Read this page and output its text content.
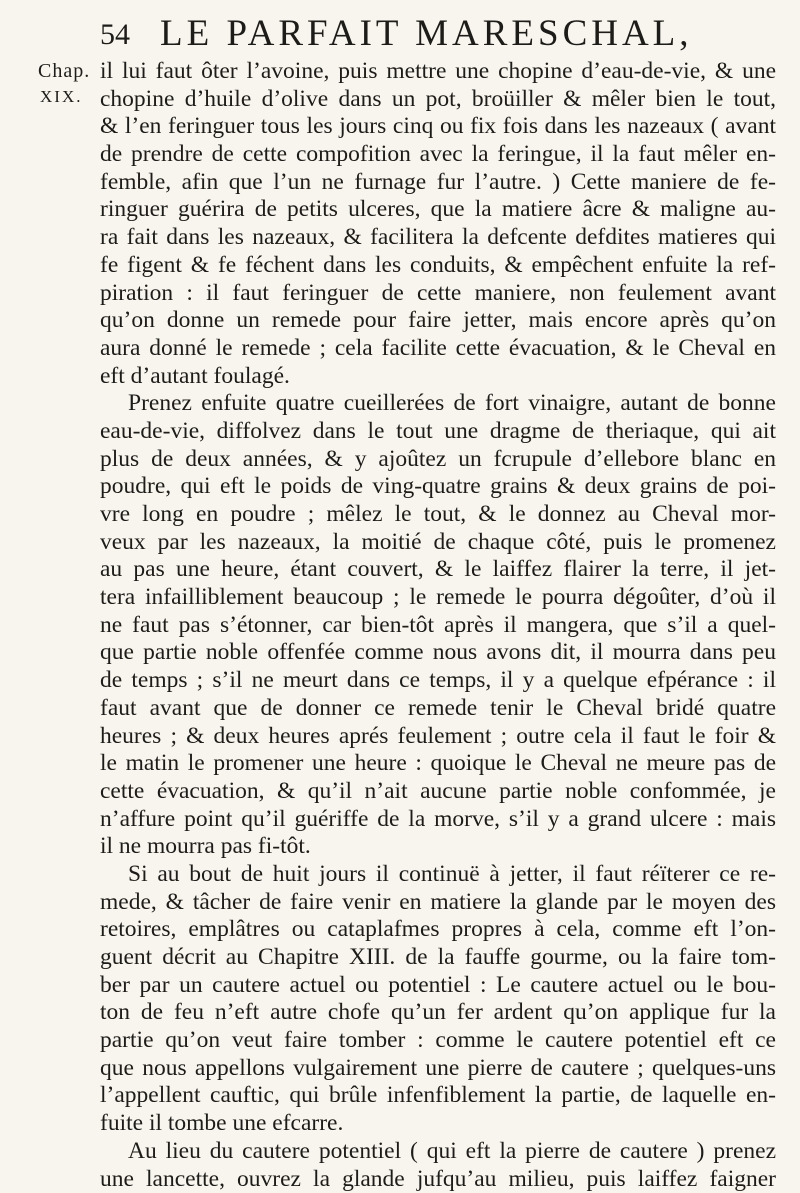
54 LE PARFAIT MARESCHAL,
Chap.
XIX.
il lui faut ôter l’avoine, puis mettre une chopine d’eau-de-vie, & une
chopine d’huile d’olive dans un pot, broüiller & mêler bien le tout,
& l’en feringuer tous les jours cinq ou fix fois dans les nazeaux ( avant
de prendre de cette compofition avec la feringue, il la faut mêler en-
femble, afin que l’un ne furnage fur l’autre. ) Cette maniere de fe-
ringuer guérira de petits ulceres, que la matiere âcre & maligne au-
ra fait dans les nazeaux, & facilitera la defcente defdites matieres qui
fe figent & fe féchent dans les conduits, & empêchent enfuite la ref-
piration : il faut feringuer de cette maniere, non feulement avant
qu’on donne un remede pour faire jetter, mais encore après qu’on
aura donné le remede ; cela facilite cette évacuation, & le Cheval en
eft d’autant foulagé.
Prenez enfuite quatre cueillerées de fort vinaigre, autant de bonne
eau-de-vie, diffolvez dans le tout une dragme de theriaque, qui ait
plus de deux années, & y ajoûtez un fcrupule d’ellebore blanc en
poudre, qui eft le poids de ving-quatre grains & deux grains de poi-
vre long en poudre ; mêlez le tout, & le donnez au Cheval mor-
veux par les nazeaux, la moitié de chaque côté, puis le promenez
au pas une heure, étant couvert, & le laiffez flairer la terre, il jet-
tera infailliblement beaucoup ; le remede le pourra dégoûter, d’où il
ne faut pas s’étonner, car bien-tôt après il mangera, que s’il a quel-
que partie noble offenfée comme nous avons dit, il mourra dans peu
de temps ; s’il ne meurt dans ce temps, il y a quelque efpérance : il
faut avant que de donner ce remede tenir le Cheval bridé quatre
heures ; & deux heures aprés feulement ; outre cela il faut le foir &
le matin le promener une heure : quoique le Cheval ne meure pas de
cette évacuation, & qu’il n’ait aucune partie noble confommée, je
n’affure point qu’il guériffe de la morve, s’il y a grand ulcere : mais
il ne mourra pas fi-tôt.
Si au bout de huit jours il continuë à jetter, il faut réïterer ce re-
mede, & tâcher de faire venir en matiere la glande par le moyen des
retoires, emplâtres ou cataplafmes propres à cela, comme eft l’on-
guent décrit au Chapitre XIII. de la fauffe gourme, ou la faire tom-
ber par un cautere actuel ou potentiel : Le cautere actuel ou le bou-
ton de feu n’eft autre chofe qu’un fer ardent qu’on applique fur la
partie qu’on veut faire tomber : comme le cautere potentiel eft ce
que nous appellons vulgairement une pierre de cautere ; quelques-uns
l’appellent cauftic, qui brûle infenfiblement la partie, de laquelle en-
fuite il tombe une efcarre.
Au lieu du cautere potentiel ( qui eft la pierre de cautere ) prenez
une lancette, ouvrez la glande jufqu’au milieu, puis laiffez faigner
